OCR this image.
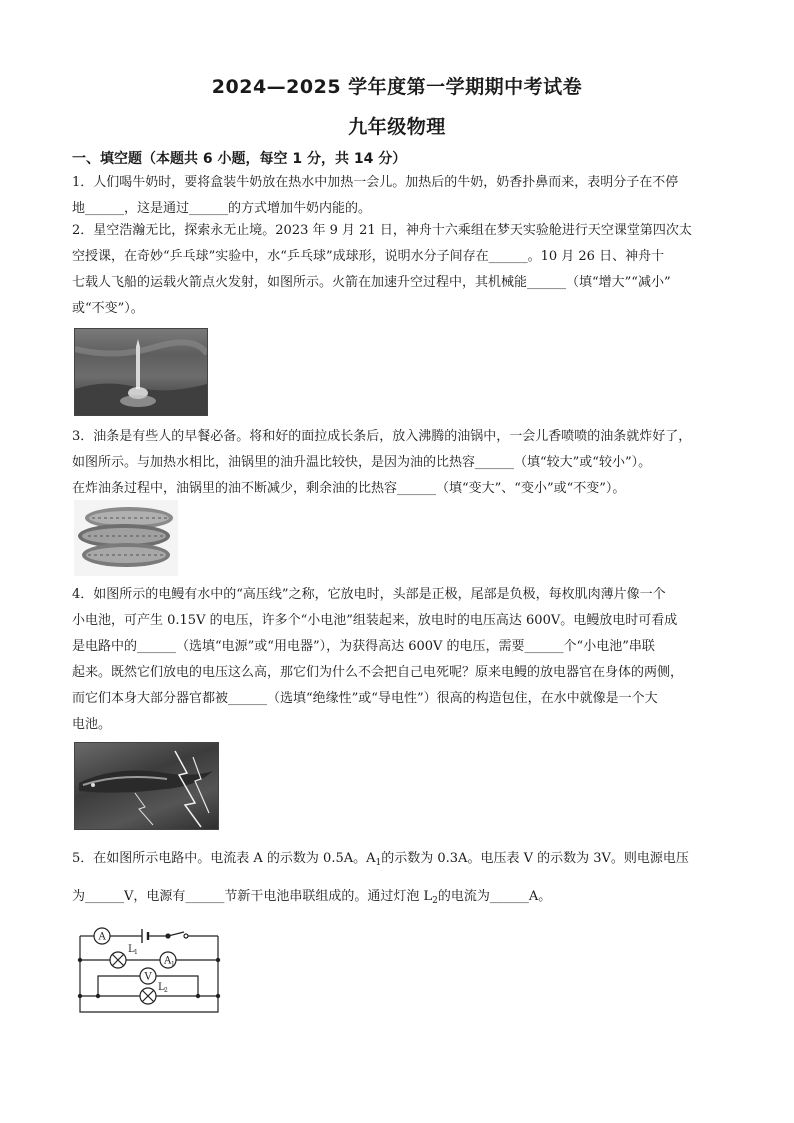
2024—2025 学年度第一学期期中考试卷
九年级物理
一、填空题（本题共 6 小题，每空 1 分，共 14 分）
1．人们喝牛奶时，要将盒装牛奶放在热水中加热一会儿。加热后的牛奶，奶香扑鼻而来，表明分子在不停
地______，这是通过______的方式增加牛奶内能的。
2．星空浩瀚无比，探索永无止境。2023 年 9 月 21 日，神舟十六乘组在梦天实验舱进行天空课堂第四次太
空授课，在奇妙“乒乓球”实验中，水“乒乓球”成球形，说明水分子间存在______。10 月 26 日、神舟十
七载人飞船的运载火箭点火发射，如图所示。火箭在加速升空过程中，其机械能______（填“增大”“减小”
或“不变”）。
3．油条是有些人的早餐必备。将和好的面拉成长条后，放入沸腾的油锅中，一会儿香喷喷的油条就炸好了，
如图所示。与加热水相比，油锅里的油升温比较快，是因为油的比热容______（填“较大”或“较小”）。
在炸油条过程中，油锅里的油不断减少，剩余油的比热容______（填“变大”、“变小”或“不变”）。
4．如图所示的电鳗有水中的“高压线”之称，它放电时，头部是正极，尾部是负极，每枚肌肉薄片像一个
小电池，可产生 0.15V 的电压，许多个“小电池”组装起来，放电时的电压高达 600V。电鳗放电时可看成
是电路中的______（选填“电源”或“用电器”），为获得高达 600V 的电压，需要______个“小电池”串联
起来。既然它们放电的电压这么高，那它们为什么不会把自己电死呢？原来电鳗的放电器官在身体的两侧，
而它们本身大部分器官都被______（选填“绝缘性”或“导电性”）很高的构造包住，在水中就像是一个大
电池。
5．在如图所示电路中。电流表 A 的示数为 0.5A。$A_1$的示数为 0.3A。电压表 V 的示数为 3V。则电源电压
为______V，电源有______节新干电池串联组成的。通过灯泡 $L_2$的电流为______A。
A
A 1
V
L 1
L 2
